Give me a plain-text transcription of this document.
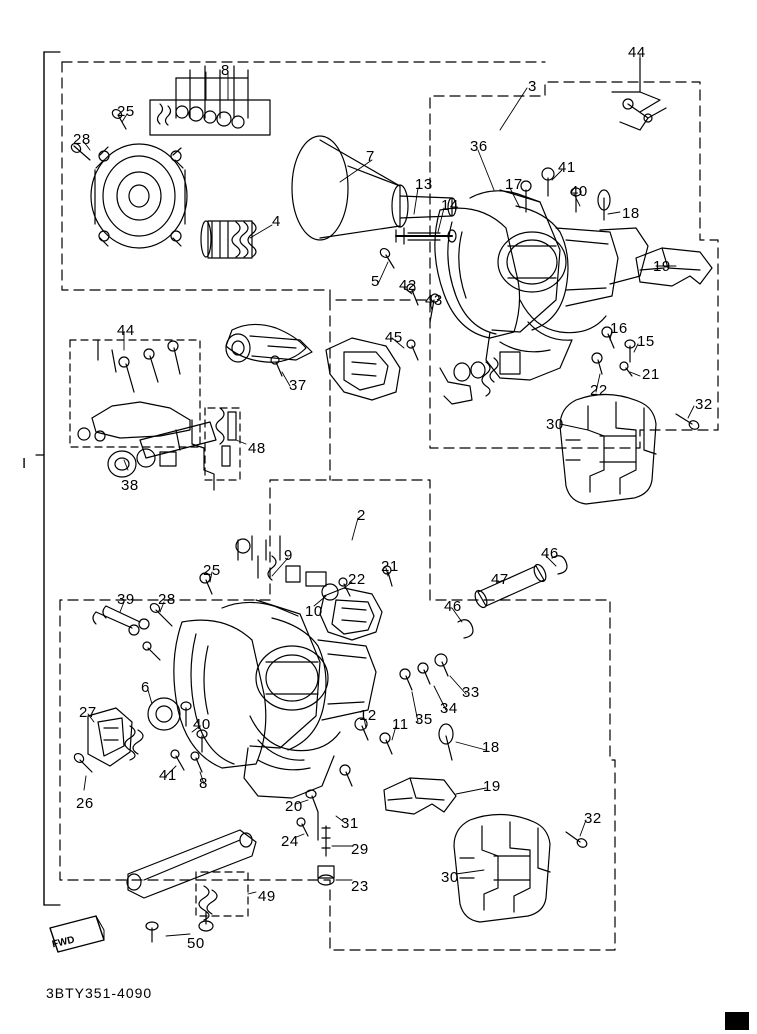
44
8
3
25
28	36
41
7
17	40
13
14	18
4
19
5 42
43
16
15
44	45
21
37	22
32
30
48
38
2
9	46
25
22
21
47
46
10
39 28
6	33
34
12
11 35
40
27
18
41 8	19
26	20
31	32
24	29
30
23
49
50
I
FWD
3BTY351-4090
